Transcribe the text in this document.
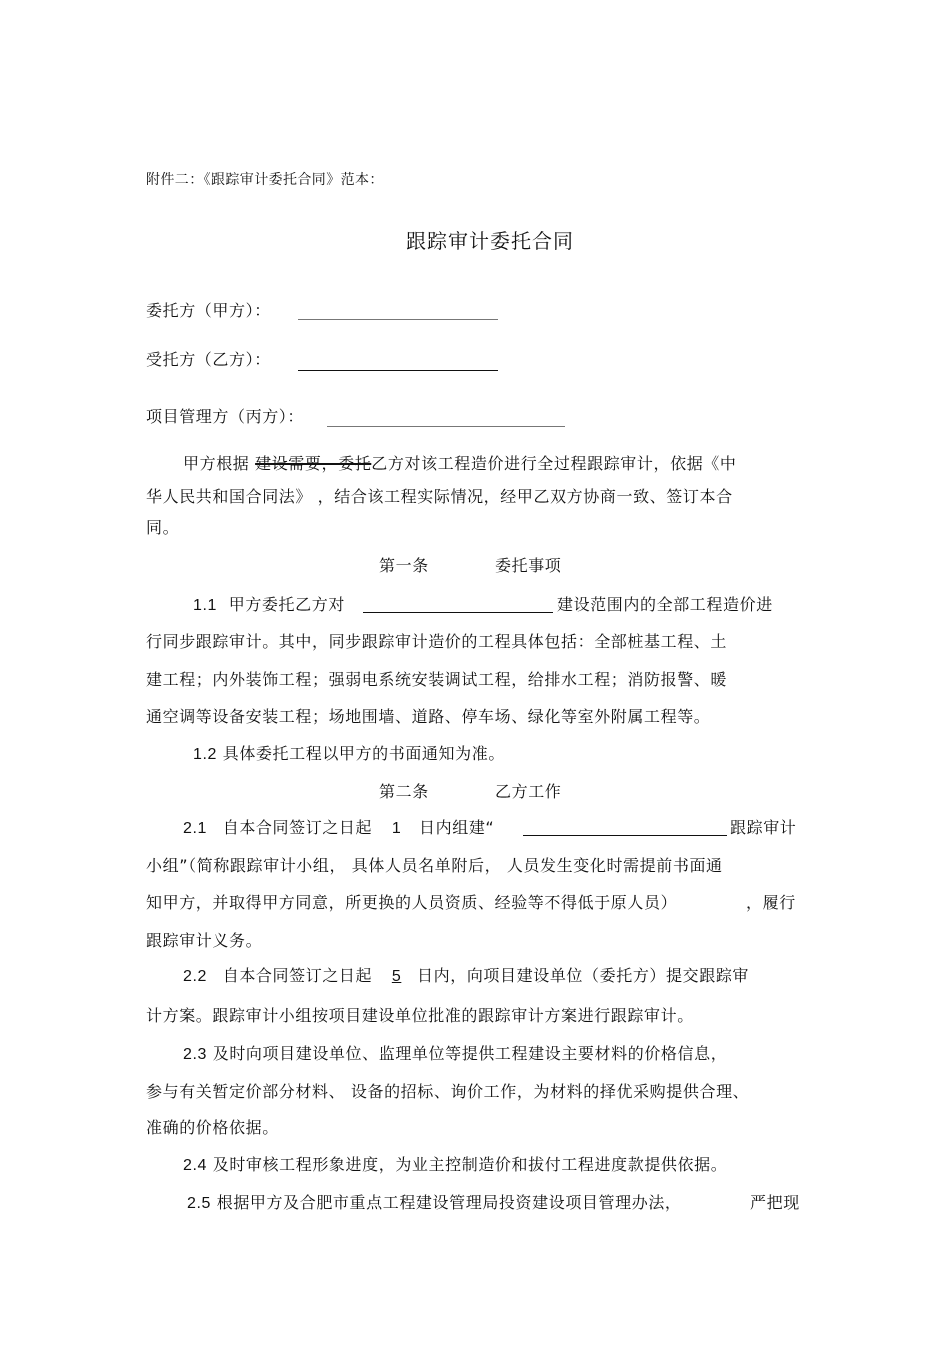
附件二：《跟踪审计委托合同》范本：
跟踪审计委托合同
委托方（甲方）：
受托方（乙方）：
项目管理方（丙方）：
甲方根据 建设需要，委托乙方对该工程造价进行全过程跟踪审计，依据《中
华人民共和国合同法》 ，结合该工程实际情况，经甲乙双方协商一致、签订本合
同。
第一条	委托事项
1.1 甲方委托乙方对	建设范围内的全部工程造价进
行同步跟踪审计。其中，同步跟踪审计造价的工程具体包括：全部桩基工程、土
建工程；内外装饰工程；强弱电系统安装调试工程，给排水工程；消防报警、暖
通空调等设备安装工程；场地围墙、道路、停车场、绿化等室外附属工程等。
1.2 具体委托工程以甲方的书面通知为准。
第二条	乙方工作
2.1 自本合同签订之日起 1 日内组建“	跟踪审计
小组”（简称跟踪审计小组， 具体人员名单附后， 人员发生变化时需提前书面通
知甲方，并取得甲方同意，所更换的人员资质、经验等不得低于原人员）	，履行
跟踪审计义务。
2.2 自本合同签订之日起 5 日内，向项目建设单位（委托方）提交跟踪审
计方案。跟踪审计小组按项目建设单位批准的跟踪审计方案进行跟踪审计。
2.3 及时向项目建设单位、监理单位等提供工程建设主要材料的价格信息，
参与有关暂定价部分材料、 设备的招标、询价工作，为材料的择优采购提供合理、
准确的价格依据。
2.4 及时审核工程形象进度，为业主控制造价和拔付工程进度款提供依据。
2.5 根据甲方及合肥市重点工程建设管理局投资建设项目管理办法，	严把现
